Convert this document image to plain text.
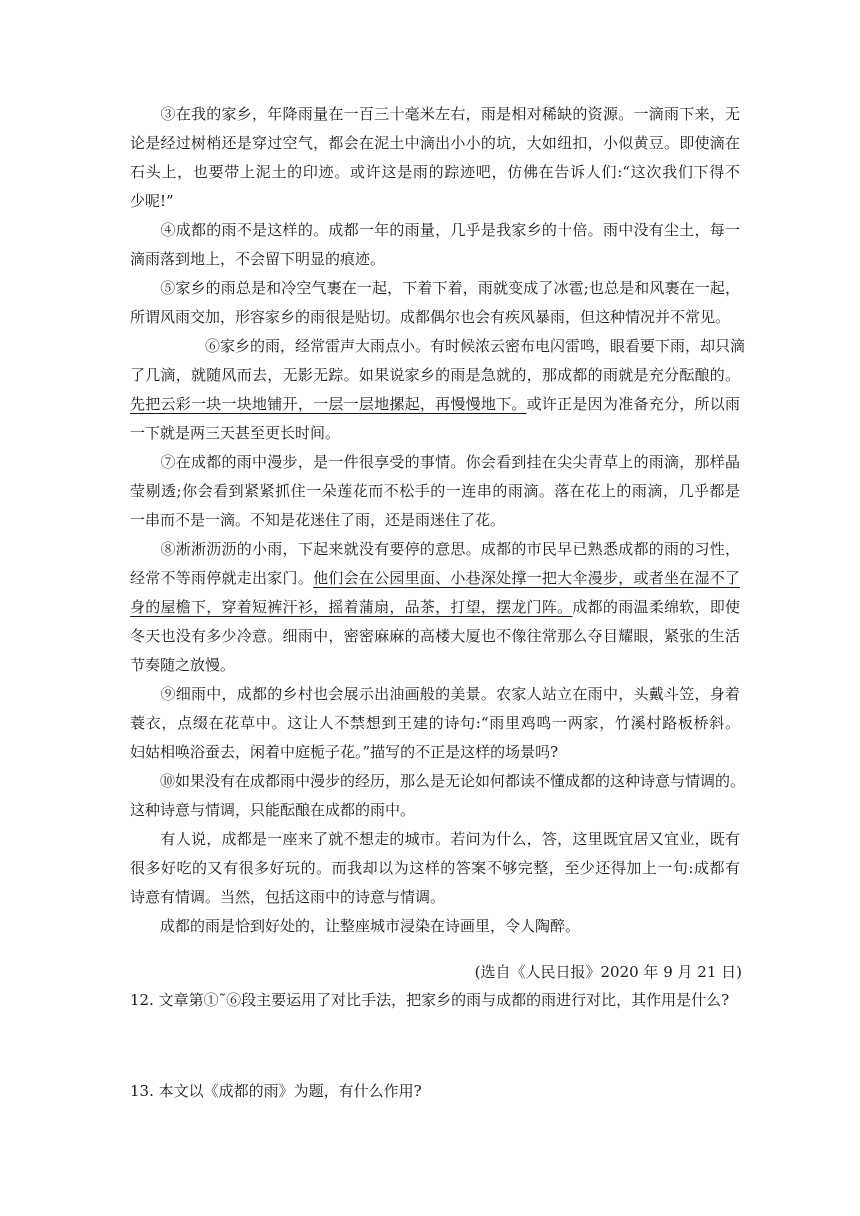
　　③在我的家乡，年降雨量在一百三十毫米左右，雨是相对稀缺的资源。一滴雨下来，无
论是经过树梢还是穿过空气，都会在泥土中滴出小小的坑，大如纽扣，小似黄豆。即使滴在
石头上，也要带上泥土的印迹。或许这是雨的踪迹吧，仿佛在告诉人们:“这次我们下得不
少呢!”
　　④成都的雨不是这样的。成都一年的雨量，几乎是我家乡的十倍。雨中没有尘土，每一
滴雨落到地上，不会留下明显的痕迹。
　　⑤家乡的雨总是和冷空气裹在一起，下着下着，雨就变成了冰雹;也总是和风裹在一起，
所谓风雨交加，形容家乡的雨很是贴切。成都偶尔也会有疾风暴雨，但这种情况并不常见。
　　　　　⑥家乡的雨，经常雷声大雨点小。有时候浓云密布电闪雷鸣，眼看要下雨，却只滴
了几滴，就随风而去，无影无踪。如果说家乡的雨是急就的，那成都的雨就是充分酝酿的。
先把云彩一块一块地铺开，一层一层地摞起，再慢慢地下。或许正是因为准备充分，所以雨
一下就是两三天甚至更长时间。
　　⑦在成都的雨中漫步，是一件很享受的事情。你会看到挂在尖尖青草上的雨滴，那样晶
莹剔透;你会看到紧紧抓住一朵莲花而不松手的一连串的雨滴。落在花上的雨滴，几乎都是
一串而不是一滴。不知是花迷住了雨，还是雨迷住了花。
　　⑧淅淅沥沥的小雨，下起来就没有要停的意思。成都的市民早已熟悉成都的雨的习性，
经常不等雨停就走出家门。他们会在公园里面、小巷深处撑一把大伞漫步，或者坐在湿不了
身的屋檐下，穿着短裤汗衫，摇着蒲扇，品茶，打望，摆龙门阵。成都的雨温柔绵软，即使
冬天也没有多少冷意。细雨中，密密麻麻的高楼大厦也不像往常那么夺目耀眼，紧张的生活
节奏随之放慢。
　　⑨细雨中，成都的乡村也会展示出油画般的美景。农家人站立在雨中，头戴斗笠，身着
蓑衣，点缀在花草中。这让人不禁想到王建的诗句:“雨里鸡鸣一两家，竹溪村路板桥斜。
妇姑相唤浴蚕去，闲着中庭栀子花。”描写的不正是这样的场景吗?
　　⑩如果没有在成都雨中漫步的经历，那么是无论如何都读不懂成都的这种诗意与情调的。
这种诗意与情调，只能酝酿在成都的雨中。
　　有人说，成都是一座来了就不想走的城市。若问为什么，答，这里既宜居又宜业，既有
很多好吃的又有很多好玩的。而我却以为这样的答案不够完整，至少还得加上一句:成都有
诗意有情调。当然，包括这雨中的诗意与情调。
　　成都的雨是恰到好处的，让整座城市浸染在诗画里，令人陶醉。
(选自《人民日报》2020 年 9 月 21 日)
12. 文章第①˜⑥段主要运用了对比手法，把家乡的雨与成都的雨进行对比，其作用是什么?
13. 本文以《成都的雨》为题，有什么作用?
